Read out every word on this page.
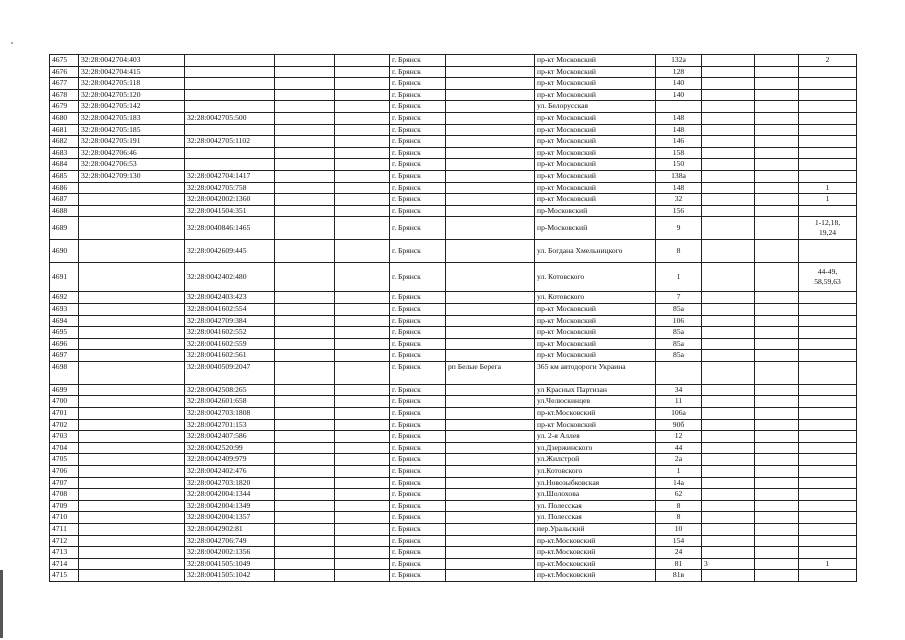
4675	32:28:0042704:403				г. Брянск		пр-кт Московский	132а			2
4676	32:28:0042704:415				г. Брянск		пр-кт Московский	128			
4677	32:28:0042705:118				г. Брянск		пр-кт Московский	140			
4678	32:28:0042705:120				г. Брянск		пр-кт Московский	140			
4679	32:28:0042705:142				г. Брянск		ул. Белорусская				
4680	32:28:0042705:183	32:28:0042705:500			г. Брянск		пр-кт Московский	148			
4681	32:28:0042705:185				г. Брянск		пр-кт Московский	148			
4682	32:28:0042705:191	32:28:0042705:1102			г. Брянск		пр-кт Московский	146			
4683	32:28:0042706:46				г. Брянск		пр-кт Московский	158			
4684	32:28:0042706:53				г. Брянск		пр-кт Московский	150			
4685	32:28:0042709:130	32:28:0042704:1417			г. Брянск		пр-кт Московский	138а			
4686		32:28:0042705:758			г. Брянск		пр-кт Московский	148			1
4687		32:28:0042002:1360			г. Брянск		пр-кт Московский	32			1
4688		32:28:0041504:351			г. Брянск		пр-Московский	156			
4689		32:28:0040846:1465			г. Брянск		пр-Московский	9			1-12,18,
19,24
4690		32:28:0042609:445			г. Брянск		ул. Богдана Хмельницкого	8			
4691		32:28:0042402:480			г. Брянск		ул. Котовского	1			44-49,
58,59,63
4692		32:28:0042403:423			г. Брянск		ул. Котовского	7			
4693		32:28:0041602:554			г. Брянск		пр-кт Московский	85а			
4694		32:28:0042709:384			г. Брянск		пр-кт Московский	106			
4695		32:28:0041602:552			г. Брянск		пр-кт Московский	85а			
4696		32:28:0041602:559			г. Брянск		пр-кт Московский	85а			
4697		32:28:0041602:561			г. Брянск		пр-кт Московский	85а			
4698		32:28:0040509:2047			г. Брянск	рп Белые Берега	365 км автодороги Украина				
4699		32:28:0042508:265			г. Брянск		ул Красных Партизан	34			
4700		32:28:0042601:658			г. Брянск		ул.Челюскинцев	11			
4701		32:28:0042703:1808			г. Брянск		пр-кт.Московский	106а			
4702		32:28:0042701:153			г. Брянск		пр-кт Московский	90б			
4703		32:28:0042407:586			г. Брянск		ул. 2-я Аллея	12			
4704		32:28:0042520:99			г. Брянск		ул.Дзержинского	44			
4705		32:28:0042409:979			г. Брянск		ул.Жилстрой	2а			
4706		32:28:0042402:476			г. Брянск		ул.Котовского	1			
4707		32:28:0042703:1820			г. Брянск		ул.Новозыбковская	14а			
4708		32:28:0042004:1344			г. Брянск		ул.Шолохова	62			
4709		32:28:0042004:1349			г. Брянск		ул. Полесская	8			
4710		32:28:0042004:1357			г. Брянск		ул. Полесская	8			
4711		32:28:0042902:81			г. Брянск		пер.Уральский	10			
4712		32:28:0042706:749			г. Брянск		пр-кт.Московский	154			
4713		32:28:0042002:1356			г. Брянск		пр-кт.Московский	24			
4714		32:28:0041505:1049			г. Брянск		пр-кт.Московский	81	3		1
4715		32:28:0041505:1042			г. Брянск		пр-кт.Московский	81в			
